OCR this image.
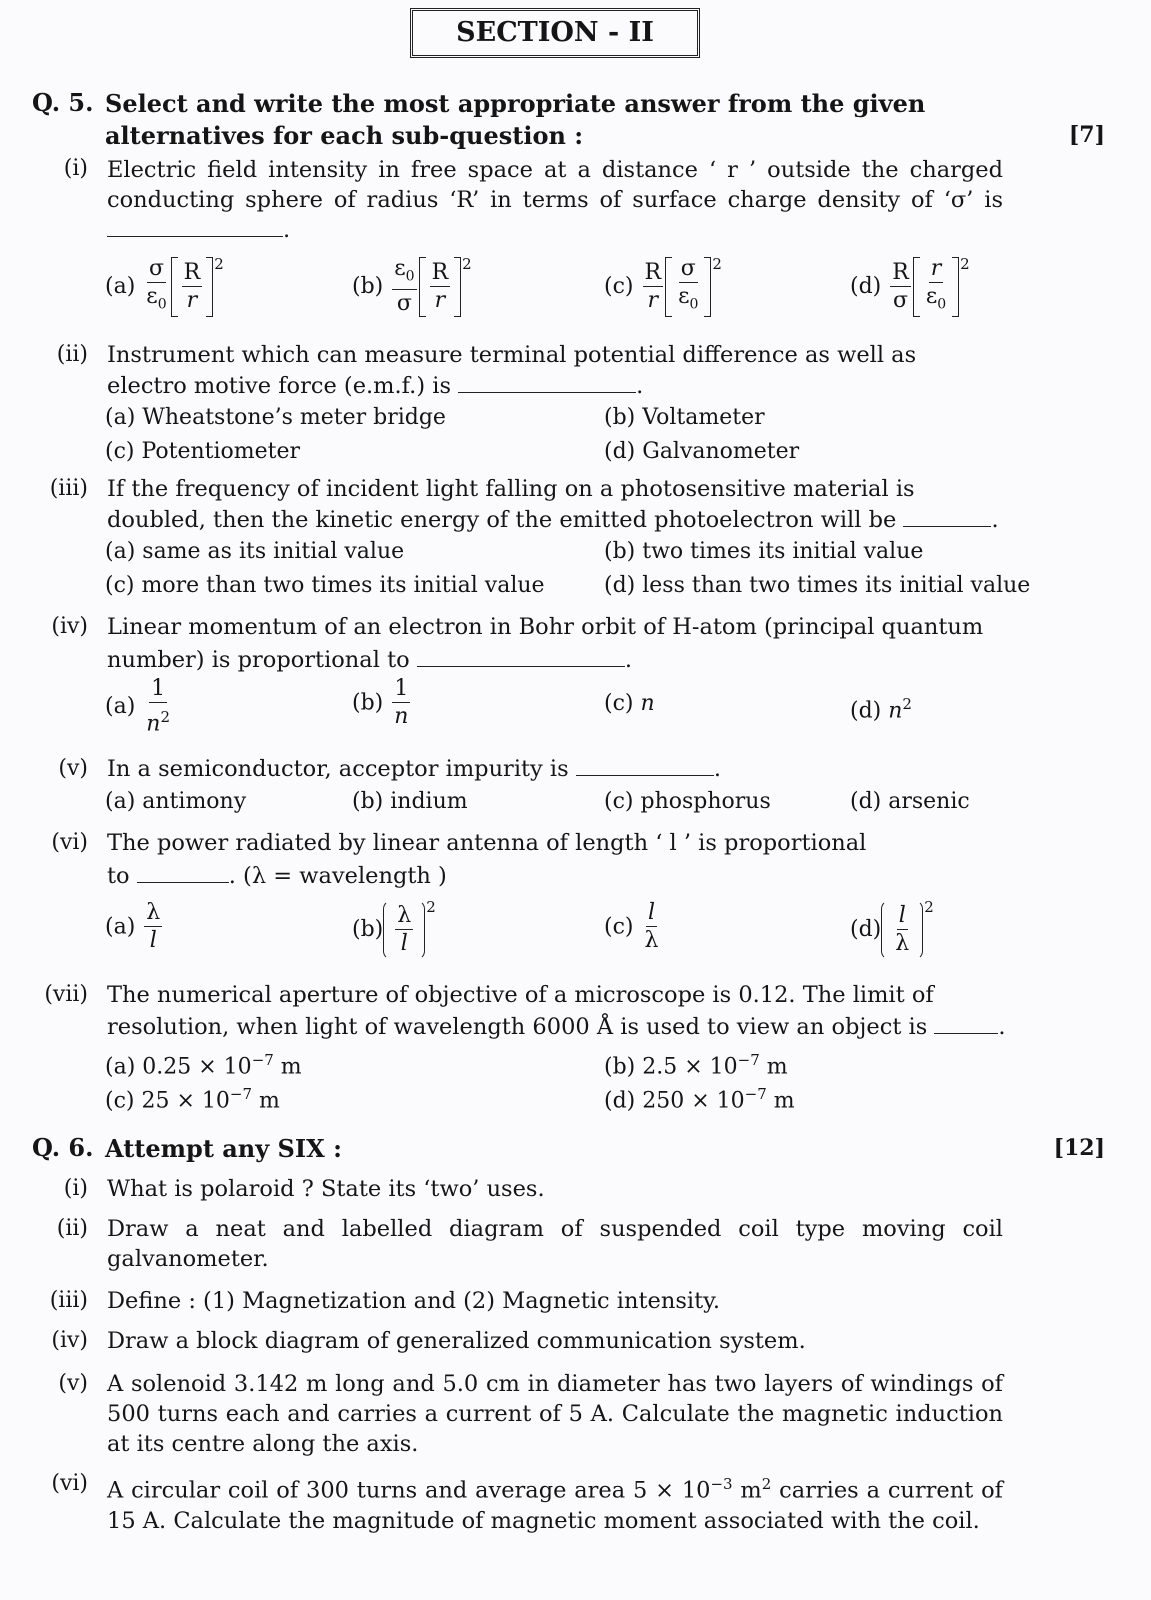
SECTION - II
Q. 5. Select and write the most appropriate answer from the given
alternatives for each sub-question :	[7]
(i) Electric field intensity in free space at a distance ‘ r ’ outside the charged conducting sphere of radius ‘R’ in terms of surface charge density of ‘σ’ is .
$(a) \frac{\sigma}{\varepsilon_0} \frac{R}{r} ^2$
$(b) \frac{\varepsilon_0}{\sigma} \frac{R}{r} ^2$
$(c) \frac{R}{r} \frac{\sigma}{\varepsilon_0} ^2$
$(d) \frac{R}{\sigma} \frac{r}{\varepsilon_0} ^2$
(ii) Instrument which can measure terminal potential difference as well as
electro motive force (e.m.f.) is	.
(a) Wheatstone’s meter bridge	(b) Voltameter
(c) Potentiometer	(d) Galvanometer
(iii) If the frequency of incident light falling on a photosensitive material is
doubled, then the kinetic energy of the emitted photoelectron will be	.
(a) same as its initial value	(b) two times its initial value
(c) more than two times its initial value	(d) less than two times its initial value
(iv) Linear momentum of an electron in Bohr orbit of H-atom (principal quantum
number) is proportional to	.
$(a) \frac{1}{n^2}$	$(b) \frac{1}{n}$	(c) n	(d) $n^2$
(v) In a semiconductor, acceptor impurity is	.
(a) antimony	(b) indium	(c) phosphorus	(d) arsenic
(vi) The power radiated by linear antenna of length ‘ l ’ is proportional
to	. (λ = wavelength )
$(a) \frac{\lambda}{l}$	$(b) \frac{\lambda}{l} ^2$
$(c) \frac{l}{\lambda}$	$(d) \frac{l}{\lambda} ^2$
(vii) The numerical aperture of objective of a microscope is 0.12. The limit of
resolution, when light of wavelength 6000 Å is used to view an object is	.
(a) $0.25 \times 10^{-7}$ m	(b) $2.5 \times 10^{-7}$ m
(c) $25 \times 10^{-7}$ m	(d) $250 \times 10^{-7}$ m
Q. 6. Attempt any SIX :	[12]
(i) What is polaroid ? State its ‘two’ uses.
(ii) Draw a neat and labelled diagram of suspended coil type moving coil galvanometer.
(iii) Define : (1) Magnetization and (2) Magnetic intensity.
(iv) Draw a block diagram of generalized communication system.
(v) A solenoid 3.142 m long and 5.0 cm in diameter has two layers of windings of 500 turns each and carries a current of 5 A. Calculate the magnetic induction at its centre along the axis.
(vi) A circular coil of 300 turns and average area $5 \times 10^{-3}$ $m^2$ carries a current of 15 A. Calculate the magnitude of magnetic moment associated with the coil.
